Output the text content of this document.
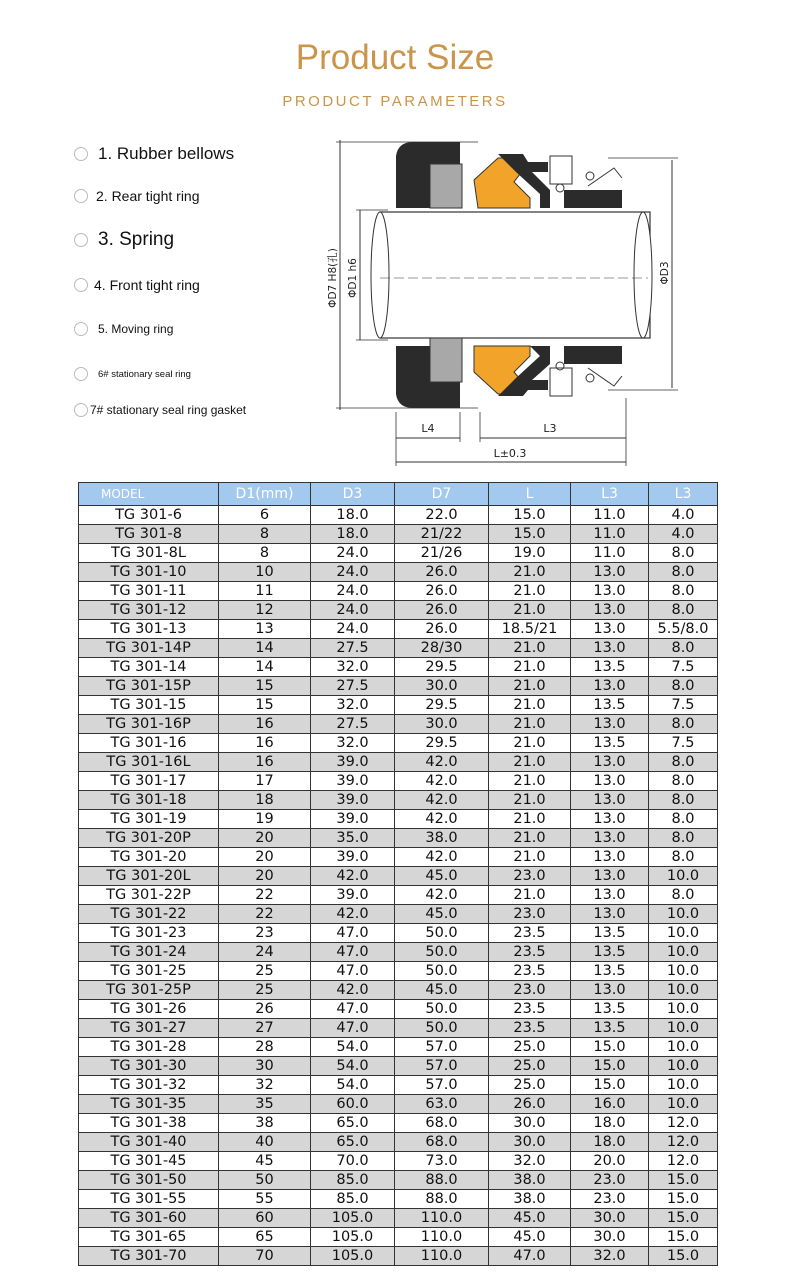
Product Size
PRODUCT PARAMETERS
1. Rubber bellows
2. Rear tight ring
3. Spring
4. Front tight ring
5. Moving ring
6# stationary seal ring
7# stationary seal ring gasket
ΦD7 H8(孔) ΦD1 h6	ΦD3
L4	L3
L±0.3
MODEL	D1(mm)	D3	D7	L	L3	L3
TG 301-6	6	18.0	22.0	15.0	11.0	4.0
TG 301-8	8	18.0	21/22	15.0	11.0	4.0
TG 301-8L	8	24.0	21/26	19.0	11.0	8.0
TG 301-10	10	24.0	26.0	21.0	13.0	8.0
TG 301-11	11	24.0	26.0	21.0	13.0	8.0
TG 301-12	12	24.0	26.0	21.0	13.0	8.0
TG 301-13	13	24.0	26.0	18.5/21	13.0	5.5/8.0
TG 301-14P	14	27.5	28/30	21.0	13.0	8.0
TG 301-14	14	32.0	29.5	21.0	13.5	7.5
TG 301-15P	15	27.5	30.0	21.0	13.0	8.0
TG 301-15	15	32.0	29.5	21.0	13.5	7.5
TG 301-16P	16	27.5	30.0	21.0	13.0	8.0
TG 301-16	16	32.0	29.5	21.0	13.5	7.5
TG 301-16L	16	39.0	42.0	21.0	13.0	8.0
TG 301-17	17	39.0	42.0	21.0	13.0	8.0
TG 301-18	18	39.0	42.0	21.0	13.0	8.0
TG 301-19	19	39.0	42.0	21.0	13.0	8.0
TG 301-20P	20	35.0	38.0	21.0	13.0	8.0
TG 301-20	20	39.0	42.0	21.0	13.0	8.0
TG 301-20L	20	42.0	45.0	23.0	13.0	10.0
TG 301-22P	22	39.0	42.0	21.0	13.0	8.0
TG 301-22	22	42.0	45.0	23.0	13.0	10.0
TG 301-23	23	47.0	50.0	23.5	13.5	10.0
TG 301-24	24	47.0	50.0	23.5	13.5	10.0
TG 301-25	25	47.0	50.0	23.5	13.5	10.0
TG 301-25P	25	42.0	45.0	23.0	13.0	10.0
TG 301-26	26	47.0	50.0	23.5	13.5	10.0
TG 301-27	27	47.0	50.0	23.5	13.5	10.0
TG 301-28	28	54.0	57.0	25.0	15.0	10.0
TG 301-30	30	54.0	57.0	25.0	15.0	10.0
TG 301-32	32	54.0	57.0	25.0	15.0	10.0
TG 301-35	35	60.0	63.0	26.0	16.0	10.0
TG 301-38	38	65.0	68.0	30.0	18.0	12.0
TG 301-40	40	65.0	68.0	30.0	18.0	12.0
TG 301-45	45	70.0	73.0	32.0	20.0	12.0
TG 301-50	50	85.0	88.0	38.0	23.0	15.0
TG 301-55	55	85.0	88.0	38.0	23.0	15.0
TG 301-60	60	105.0	110.0	45.0	30.0	15.0
TG 301-65	65	105.0	110.0	45.0	30.0	15.0
TG 301-70	70	105.0	110.0	47.0	32.0	15.0
